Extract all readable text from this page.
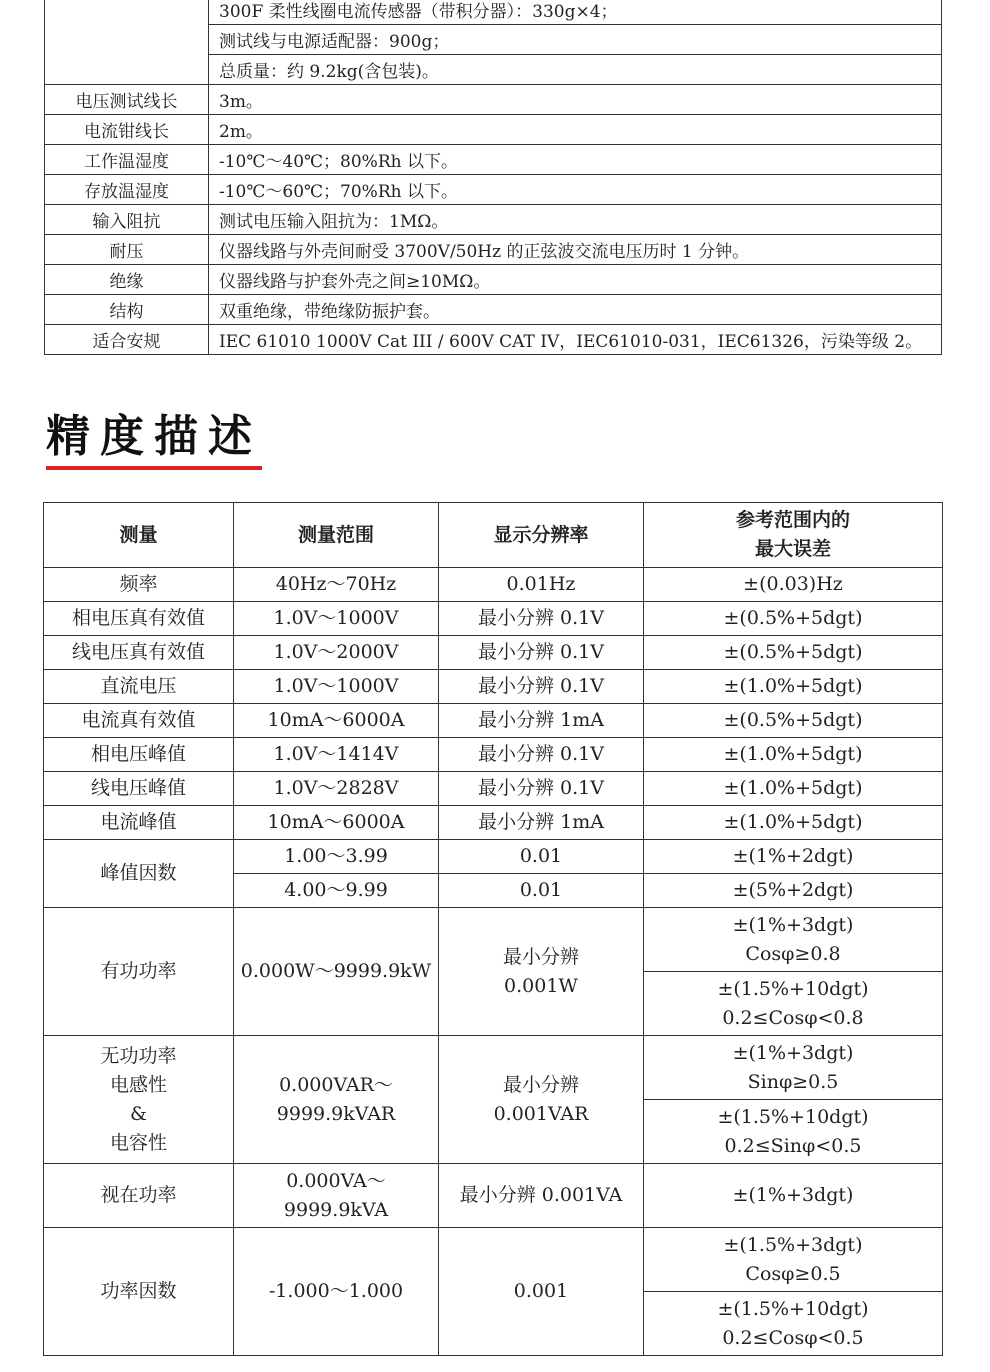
	300F 柔性线圈电流传感器（带积分器）：330g×4；
	测试线与电源适配器：900g；
	总质量：约 9.2kg(含包装)。
电压测试线长	3m。
电流钳线长	2m。
工作温湿度	-10℃～40℃；80%Rh 以下。
存放温湿度	-10℃～60℃；70%Rh 以下。
输入阻抗	测试电压输入阻抗为：1MΩ。
耐压	仪器线路与外壳间耐受 3700V/50Hz 的正弦波交流电压历时 1 分钟。
绝缘	仪器线路与护套外壳之间≥10MΩ。
结构	双重绝缘，带绝缘防振护套。
适合安规	IEC 61010 1000V Cat III / 600V CAT IV，IEC61010-031，IEC61326，污染等级 2。
精度描述
测量	测量范围	显示分辨率	参考范围内的
最大误差
频率	40Hz～70Hz	0.01Hz	±(0.03)Hz
相电压真有效值	1.0V～1000V	最小分辨 0.1V	±(0.5%+5dgt)
线电压真有效值	1.0V～2000V	最小分辨 0.1V	±(0.5%+5dgt)
直流电压	1.0V～1000V	最小分辨 0.1V	±(1.0%+5dgt)
电流真有效值	10mA～6000A	最小分辨 1mA	±(0.5%+5dgt)
相电压峰值	1.0V～1414V	最小分辨 0.1V	±(1.0%+5dgt)
线电压峰值	1.0V～2828V	最小分辨 0.1V	±(1.0%+5dgt)
电流峰值	10mA～6000A	最小分辨 1mA	±(1.0%+5dgt)
峰值因数	1.00～3.99	0.01	±(1%+2dgt)
	4.00～9.99	0.01	±(5%+2dgt)
有功功率	0.000W～9999.9kW	最小分辨
0.001W	±(1%+3dgt)
Cosφ≥0.8
			±(1.5%+10dgt)
0.2≤Cosφ<0.8
无功功率
电感性
&
电容性	0.000VAR～
9999.9kVAR	最小分辨
0.001VAR	±(1%+3dgt)
Sinφ≥0.5
			±(1.5%+10dgt)
0.2≤Sinφ<0.5
视在功率	0.000VA～
9999.9kVA	最小分辨 0.001VA	±(1%+3dgt)
功率因数	-1.000～1.000	0.001	±(1.5%+3dgt)
Cosφ≥0.5
			±(1.5%+10dgt)
0.2≤Cosφ<0.5
